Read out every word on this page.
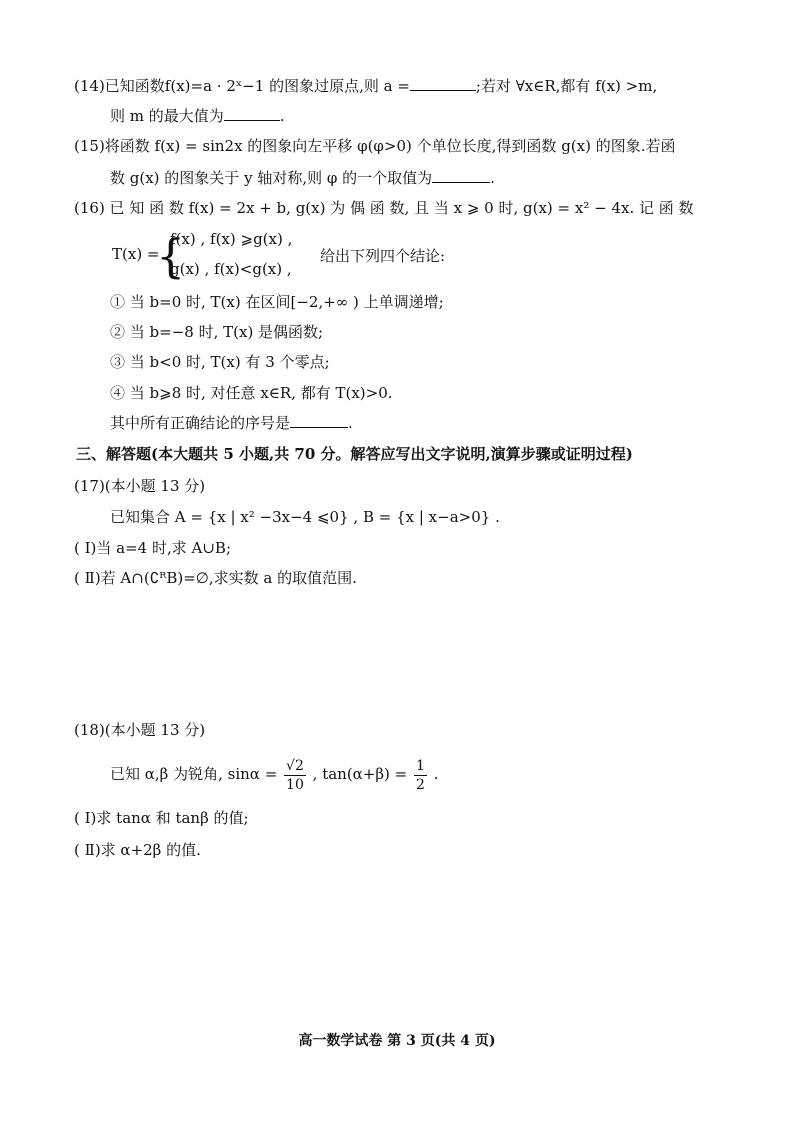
(14)已知函数f(x)=a · 2ˣ−1 的图象过原点,则 a =	;若对 ∀x∈R,都有 f(x) >m,
则 m 的最大值为	.
(15)将函数 f(x) = sin2x 的图象向左平移 φ(φ>0) 个单位长度,得到函数 g(x) 的图象.若函
数 g(x) 的图象关于 y 轴对称,则 φ 的一个取值为	.
(16) 已 知 函 数 f(x) = 2x + b, g(x) 为 偶 函 数, 且 当 x ⩾ 0 时, g(x) = x² − 4x. 记 函 数
T(x) =
{
f(x) , f(x) ⩾g(x) ,
g(x) , f(x)<g(x) ,
给出下列四个结论:
① 当 b=0 时, T(x) 在区间[−2,+∞ ) 上单调递增;
② 当 b=−8 时, T(x) 是偶函数;
③ 当 b<0 时, T(x) 有 3 个零点;
④ 当 b⩾8 时, 对任意 x∈R, 都有 T(x)>0.
其中所有正确结论的序号是	.
三、解答题(本大题共 5 小题,共 70 分。解答应写出文字说明,演算步骤或证明过程)
(17)(本小题 13 分)
已知集合 A = {x | x² −3x−4 ⩽0} , B = {x | x−a>0} .
( Ⅰ)当 a=4 时,求 A∪B;
( Ⅱ)若 A∩(∁ᴿB)=∅,求实数 a 的取值范围.
(18)(本小题 13 分)
已知 α,β 为锐角, $\sin\alpha = \frac{√2}{10}$ , $\tan(\alpha+\beta) = \frac{1}{2}$ .
( Ⅰ)求 tanα 和 tanβ 的值;
( Ⅱ)求 α+2β 的值.
高一数学试卷 第 3 页(共 4 页)
